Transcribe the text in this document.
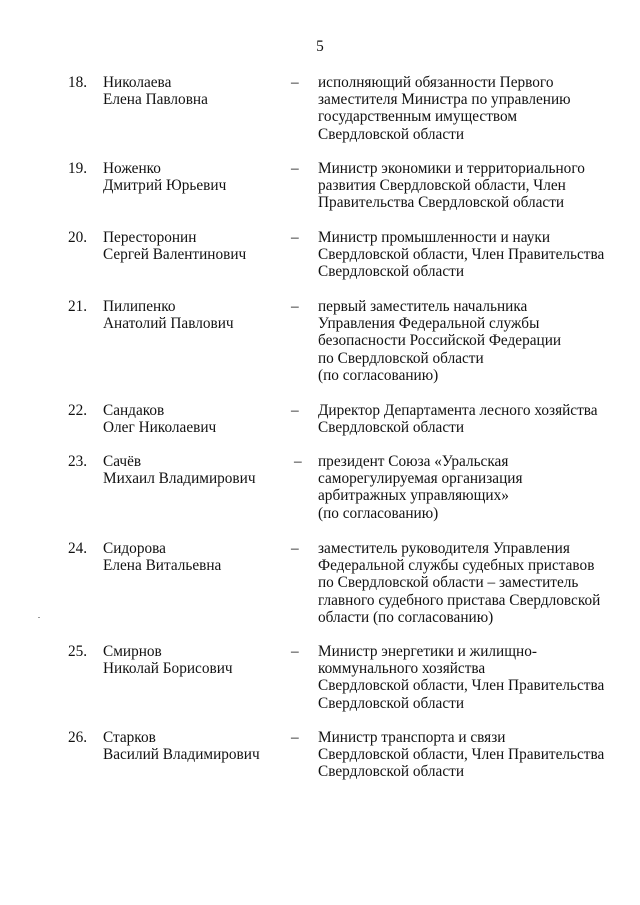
5
18. Николаева
Елена Павловна
– исполняющий обязанности Первого
заместителя Министра по управлению
государственным имуществом
Свердловской области
19. Ноженко
Дмитрий Юрьевич
– Министр экономики и территориального
развития Свердловской области, Член
Правительства Свердловской области
20. Пересторонин
Сергей Валентинович
– Министр промышленности и науки
Свердловской области, Член Правительства
Свердловской области
21. Пилипенко
Анатолий Павлович
– первый заместитель начальника
Управления Федеральной службы
безопасности Российской Федерации
по Свердловской области
(по согласованию)
22. Сандаков
Олег Николаевич
– Директор Департамента лесного хозяйства
Свердловской области
23. Сачёв
Михаил Владимирович
– президент Союза «Уральская
саморегулируемая организация
арбитражных управляющих»
(по согласованию)
24. Сидорова
Елена Витальевна
– заместитель руководителя Управления
Федеральной службы судебных приставов
по Свердловской области – заместитель
главного судебного пристава Свердловской
области (по согласованию)
25. Смирнов
Николай Борисович
– Министр энергетики и жилищно-
коммунального хозяйства
Свердловской области, Член Правительства
Свердловской области
26. Старков
Василий Владимирович
– Министр транспорта и связи
Свердловской области, Член Правительства
Свердловской области
